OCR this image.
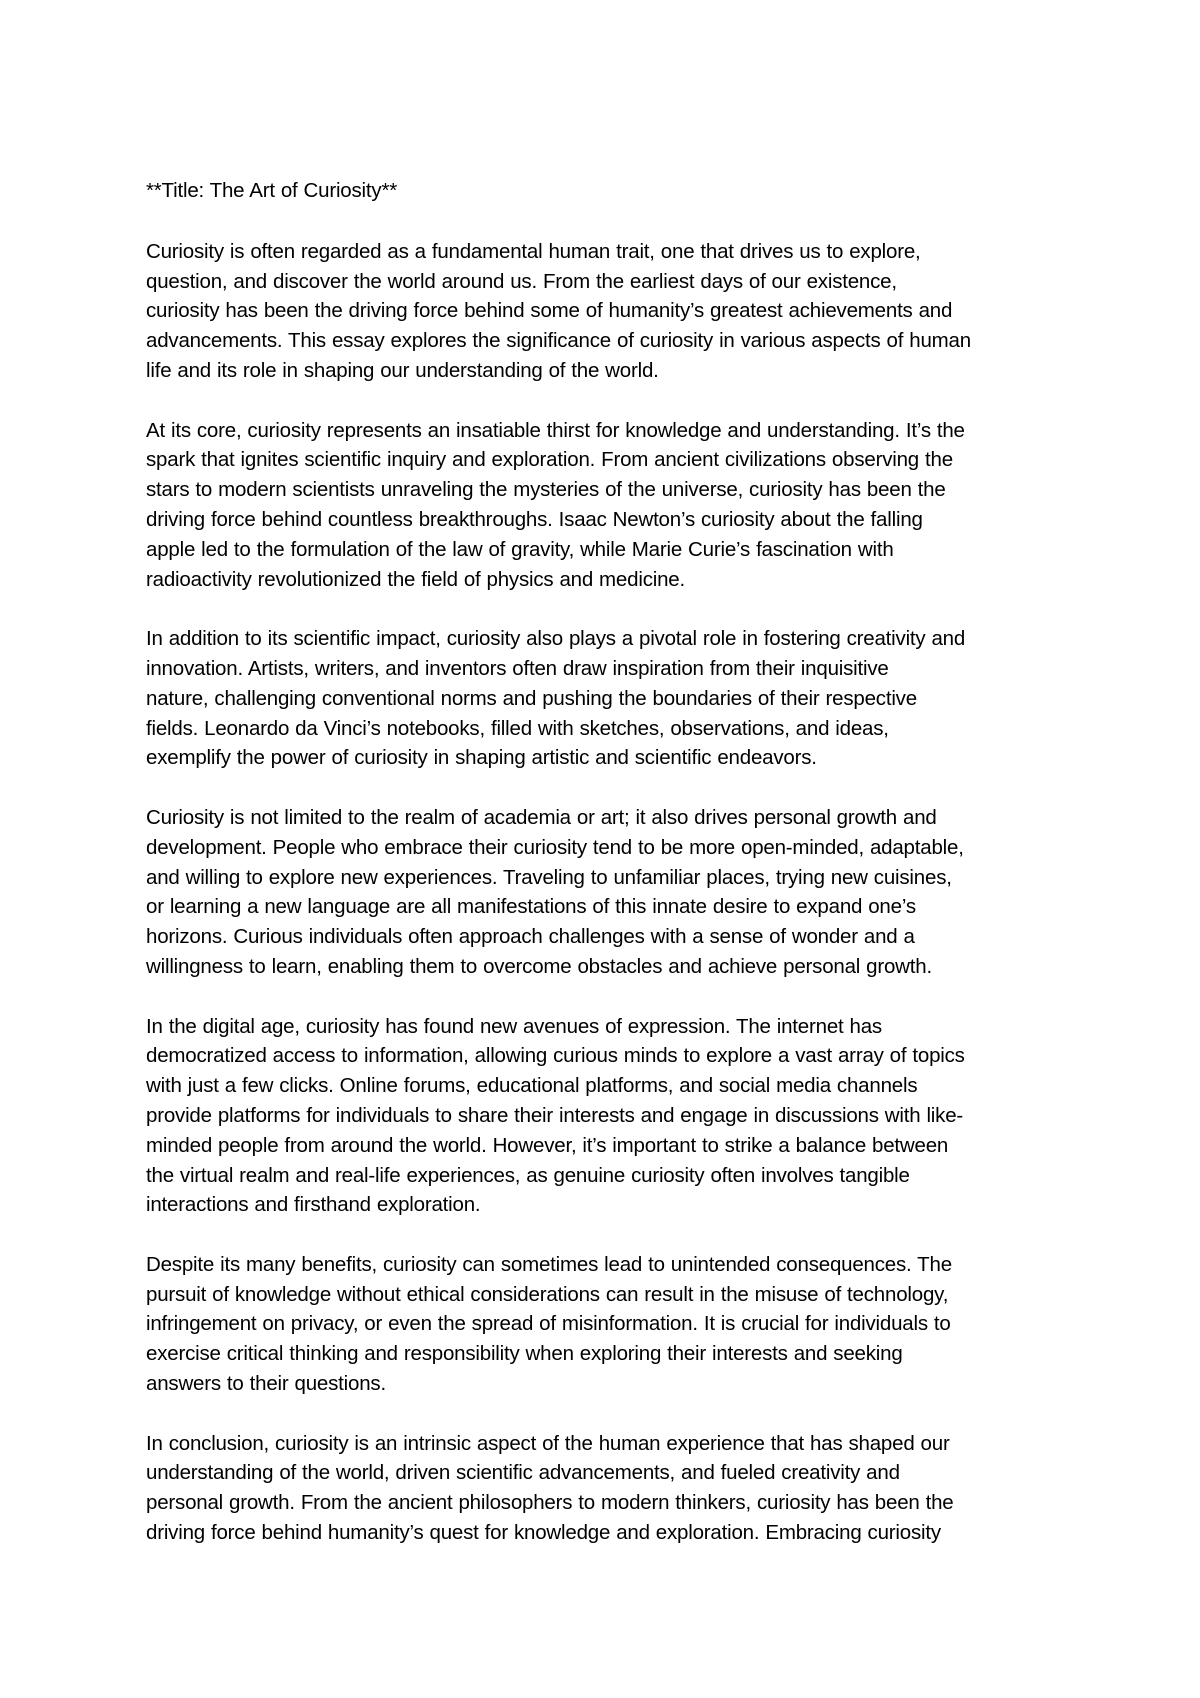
**Title: The Art of Curiosity**
Curiosity is often regarded as a fundamental human trait, one that drives us to explore,
question, and discover the world around us. From the earliest days of our existence,
curiosity has been the driving force behind some of humanity’s greatest achievements and
advancements. This essay explores the significance of curiosity in various aspects of human
life and its role in shaping our understanding of the world.
At its core, curiosity represents an insatiable thirst for knowledge and understanding. It’s the
spark that ignites scientific inquiry and exploration. From ancient civilizations observing the
stars to modern scientists unraveling the mysteries of the universe, curiosity has been the
driving force behind countless breakthroughs. Isaac Newton’s curiosity about the falling
apple led to the formulation of the law of gravity, while Marie Curie’s fascination with
radioactivity revolutionized the field of physics and medicine.
In addition to its scientific impact, curiosity also plays a pivotal role in fostering creativity and
innovation. Artists, writers, and inventors often draw inspiration from their inquisitive
nature, challenging conventional norms and pushing the boundaries of their respective
fields. Leonardo da Vinci’s notebooks, filled with sketches, observations, and ideas,
exemplify the power of curiosity in shaping artistic and scientific endeavors.
Curiosity is not limited to the realm of academia or art; it also drives personal growth and
development. People who embrace their curiosity tend to be more open-minded, adaptable,
and willing to explore new experiences. Traveling to unfamiliar places, trying new cuisines,
or learning a new language are all manifestations of this innate desire to expand one’s
horizons. Curious individuals often approach challenges with a sense of wonder and a
willingness to learn, enabling them to overcome obstacles and achieve personal growth.
In the digital age, curiosity has found new avenues of expression. The internet has
democratized access to information, allowing curious minds to explore a vast array of topics
with just a few clicks. Online forums, educational platforms, and social media channels
provide platforms for individuals to share their interests and engage in discussions with like-
minded people from around the world. However, it’s important to strike a balance between
the virtual realm and real-life experiences, as genuine curiosity often involves tangible
interactions and firsthand exploration.
Despite its many benefits, curiosity can sometimes lead to unintended consequences. The
pursuit of knowledge without ethical considerations can result in the misuse of technology,
infringement on privacy, or even the spread of misinformation. It is crucial for individuals to
exercise critical thinking and responsibility when exploring their interests and seeking
answers to their questions.
In conclusion, curiosity is an intrinsic aspect of the human experience that has shaped our
understanding of the world, driven scientific advancements, and fueled creativity and
personal growth. From the ancient philosophers to modern thinkers, curiosity has been the
driving force behind humanity’s quest for knowledge and exploration. Embracing curiosity
